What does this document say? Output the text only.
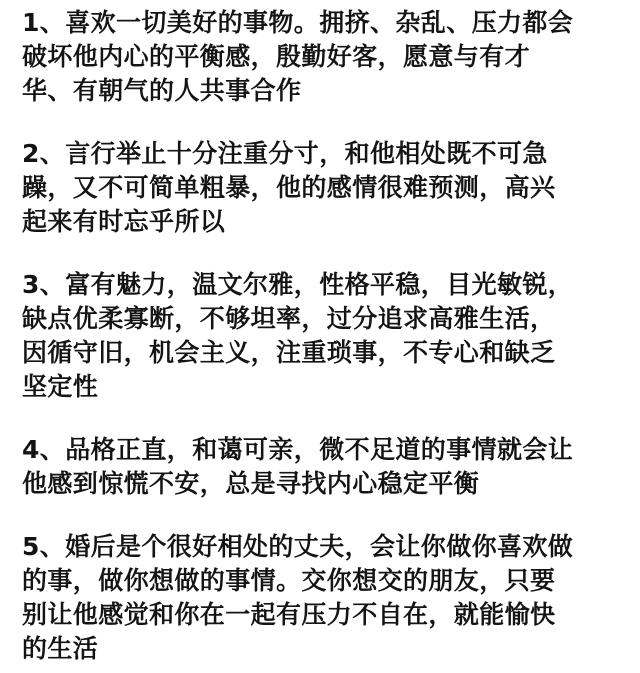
1、喜欢一切美好的事物。拥挤、杂乱、压力都会
破坏他内心的平衡感，殷勤好客，愿意与有才
华、有朝气的人共事合作

2、言行举止十分注重分寸，和他相处既不可急
躁，又不可简单粗暴，他的感情很难预测，高兴
起来有时忘乎所以

3、富有魅力，温文尔雅，性格平稳，目光敏锐，
缺点优柔寡断，不够坦率，过分追求高雅生活，
因循守旧，机会主义，注重琐事，不专心和缺乏
坚定性

4、品格正直，和蔼可亲，微不足道的事情就会让
他感到惊慌不安，总是寻找内心稳定平衡

5、婚后是个很好相处的丈夫，会让你做你喜欢做
的事，做你想做的事情。交你想交的朋友，只要
别让他感觉和你在一起有压力不自在，就能愉快
的生活
